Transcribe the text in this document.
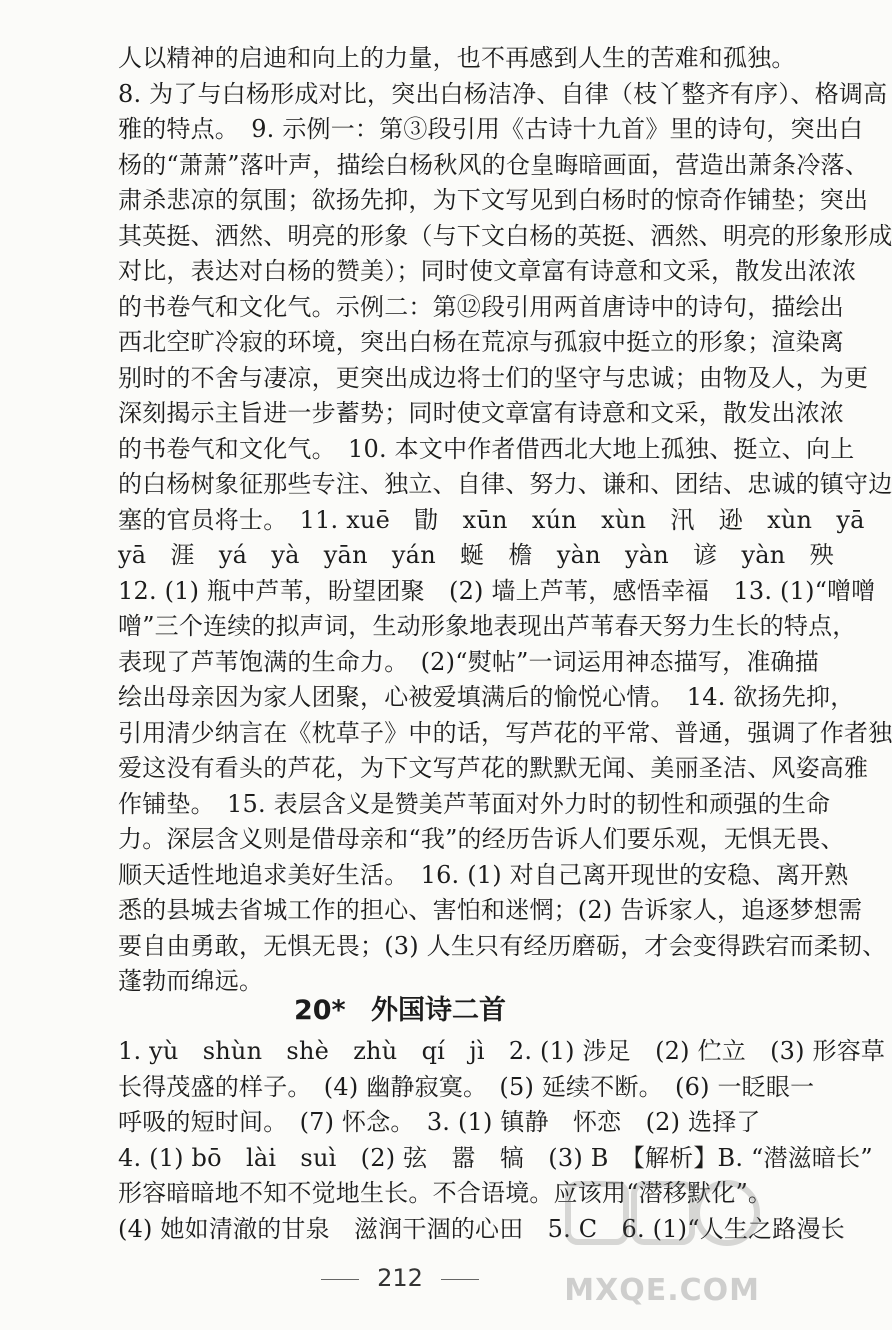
人以精神的启迪和向上的力量，也不再感到人生的苦难和孤独。
8. 为了与白杨形成对比，突出白杨洁净、自律（枝丫整齐有序）、格调高
雅的特点。　9. 示例一：第③段引用《古诗十九首》里的诗句，突出白
杨的“萧萧”落叶声，描绘白杨秋风的仓皇晦暗画面，营造出萧条冷落、
肃杀悲凉的氛围；欲扬先抑，为下文写见到白杨时的惊奇作铺垫；突出
其英挺、洒然、明亮的形象（与下文白杨的英挺、洒然、明亮的形象形成
对比，表达对白杨的赞美）；同时使文章富有诗意和文采，散发出浓浓
的书卷气和文化气。示例二：第⑫段引用两首唐诗中的诗句，描绘出
西北空旷冷寂的环境，突出白杨在荒凉与孤寂中挺立的形象；渲染离
别时的不舍与凄凉，更突出成边将士们的坚守与忠诚；由物及人，为更
深刻揭示主旨进一步蓄势；同时使文章富有诗意和文采，散发出浓浓
的书卷气和文化气。　10. 本文中作者借西北大地上孤独、挺立、向上
的白杨树象征那些专注、独立、自律、努力、谦和、团结、忠诚的镇守边
塞的官员将士。　11. xuē　勖　xūn　xún　xùn　汛　逊　xùn　yā
yā　涯　yá　yà　yān　yán　蜒　檐　yàn　yàn　谚　yàn　殃
12. (1) 瓶中芦苇，盼望团聚　(2) 墙上芦苇，感悟幸福　13. (1)“噌噌
噌”三个连续的拟声词，生动形象地表现出芦苇春天努力生长的特点，
表现了芦苇饱满的生命力。　(2)“熨帖”一词运用神态描写，准确描
绘出母亲因为家人团聚，心被爱填满后的愉悦心情。　14. 欲扬先抑，
引用清少纳言在《枕草子》中的话，写芦花的平常、普通，强调了作者独
爱这没有看头的芦花，为下文写芦花的默默无闻、美丽圣洁、风姿高雅
作铺垫。　15. 表层含义是赞美芦苇面对外力时的韧性和顽强的生命
力。深层含义则是借母亲和“我”的经历告诉人们要乐观，无惧无畏、
顺天适性地追求美好生活。　16. (1) 对自己离开现世的安稳、离开熟
悉的县城去省城工作的担心、害怕和迷惘；(2) 告诉家人，追逐梦想需
要自由勇敢，无惧无畏；(3) 人生只有经历磨砺，才会变得跌宕而柔韧、
蓬勃而绵远。
20* 外国诗二首
1. yù　shùn　shè　zhù　qí　jì　2. (1) 涉足　(2) 伫立　(3) 形容草
长得茂盛的样子。　(4) 幽静寂寞。　(5) 延续不断。　(6) 一眨眼一
呼吸的短时间。　(7) 怀念。　3. (1) 镇静　怀恋　(2) 选择了
4. (1) bō　lài　suì　(2) 弦　嚣　犒　(3) B　【解析】B. “潜滋暗长”
形容暗暗地不知不觉地生长。不合语境。应该用“潜移默化”。
(4) 她如清澈的甘泉　滋润干涸的心田　5. C　6. (1)“人生之路漫长
212	MXQE.COM
